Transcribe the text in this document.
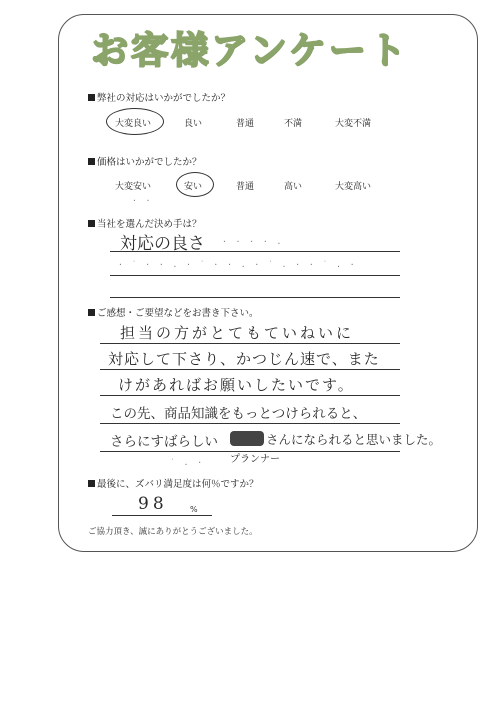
お客様アンケート
弊社の対応はいかがでしたか？
大変良い	良い	普通	不満	大変不満
価格はいかがでしたか？
大変安い	安い	普通	高い	大変高い
· ·
当社を選んだ決め手は？
対応の良さ · · · · .
· ˙ · · . · ˙ · · . · ˙ . · · ˙ . ·
ご感想・ご要望などをお書き下さい。
担当の方がとてもていねいに
対応して下さり、かつじん速で、また
けがあればお願いしたいです。
この先、商品知識をもっとつけられると、
さらにすばらしい	さんになられると思いました。
プランナー
˙ . ·
最後に、ズバリ満足度は何％ですか？
98	%
ご協力頂き、誠にありがとうございました。
